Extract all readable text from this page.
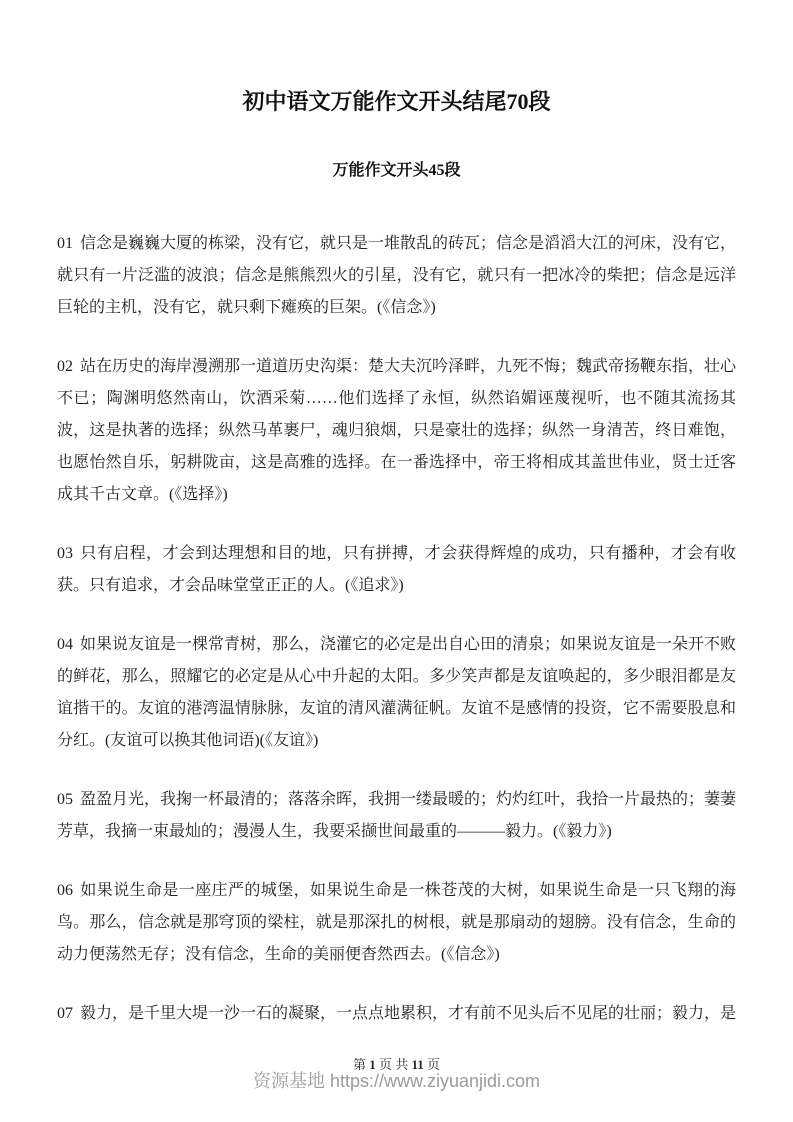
初中语文万能作文开头结尾70段
万能作文开头45段

01 信念是巍巍大厦的栋梁，没有它，就只是一堆散乱的砖瓦；信念是滔滔大江的河床，没有它，就只有一片泛滥的波浪；信念是熊熊烈火的引星，没有它，就只有一把冰冷的柴把；信念是远洋巨轮的主机，没有它，就只剩下瘫痪的巨架。(《信念》)

02 站在历史的海岸漫溯那一道道历史沟渠：楚大夫沉吟泽畔，九死不悔；魏武帝扬鞭东指，壮心不已；陶渊明悠然南山，饮酒采菊……他们选择了永恒，纵然谄媚诬蔑视听，也不随其流扬其波，这是执著的选择；纵然马革裹尸，魂归狼烟，只是豪壮的选择；纵然一身清苦，终日难饱，也愿怡然自乐，躬耕陇亩，这是高雅的选择。在一番选择中，帝王将相成其盖世伟业，贤士迁客成其千古文章。(《选择》)

03 只有启程，才会到达理想和目的地，只有拼搏，才会获得辉煌的成功，只有播种，才会有收获。只有追求，才会品味堂堂正正的人。(《追求》)

04 如果说友谊是一棵常青树，那么，浇灌它的必定是出自心田的清泉；如果说友谊是一朵开不败的鲜花，那么，照耀它的必定是从心中升起的太阳。多少笑声都是友谊唤起的，多少眼泪都是友谊揩干的。友谊的港湾温情脉脉，友谊的清风灌满征帆。友谊不是感情的投资，它不需要股息和分红。(友谊可以换其他词语)(《友谊》)

05 盈盈月光，我掬一杯最清的；落落余晖，我拥一缕最暖的；灼灼红叶，我拾一片最热的；萋萋芳草，我摘一束最灿的；漫漫人生，我要采撷世间最重的———毅力。(《毅力》)

06 如果说生命是一座庄严的城堡，如果说生命是一株苍茂的大树，如果说生命是一只飞翔的海鸟。那么，信念就是那穹顶的梁柱，就是那深扎的树根，就是那扇动的翅膀。没有信念，生命的动力便荡然无存；没有信念，生命的美丽便杳然西去。(《信念》)

07 毅力，是千里大堤一沙一石的凝聚，一点点地累积，才有前不见头后不见尾的壮丽；毅力，是

第 1 页 共 11 页
资源基地 https://www.ziyuanjidi.com
